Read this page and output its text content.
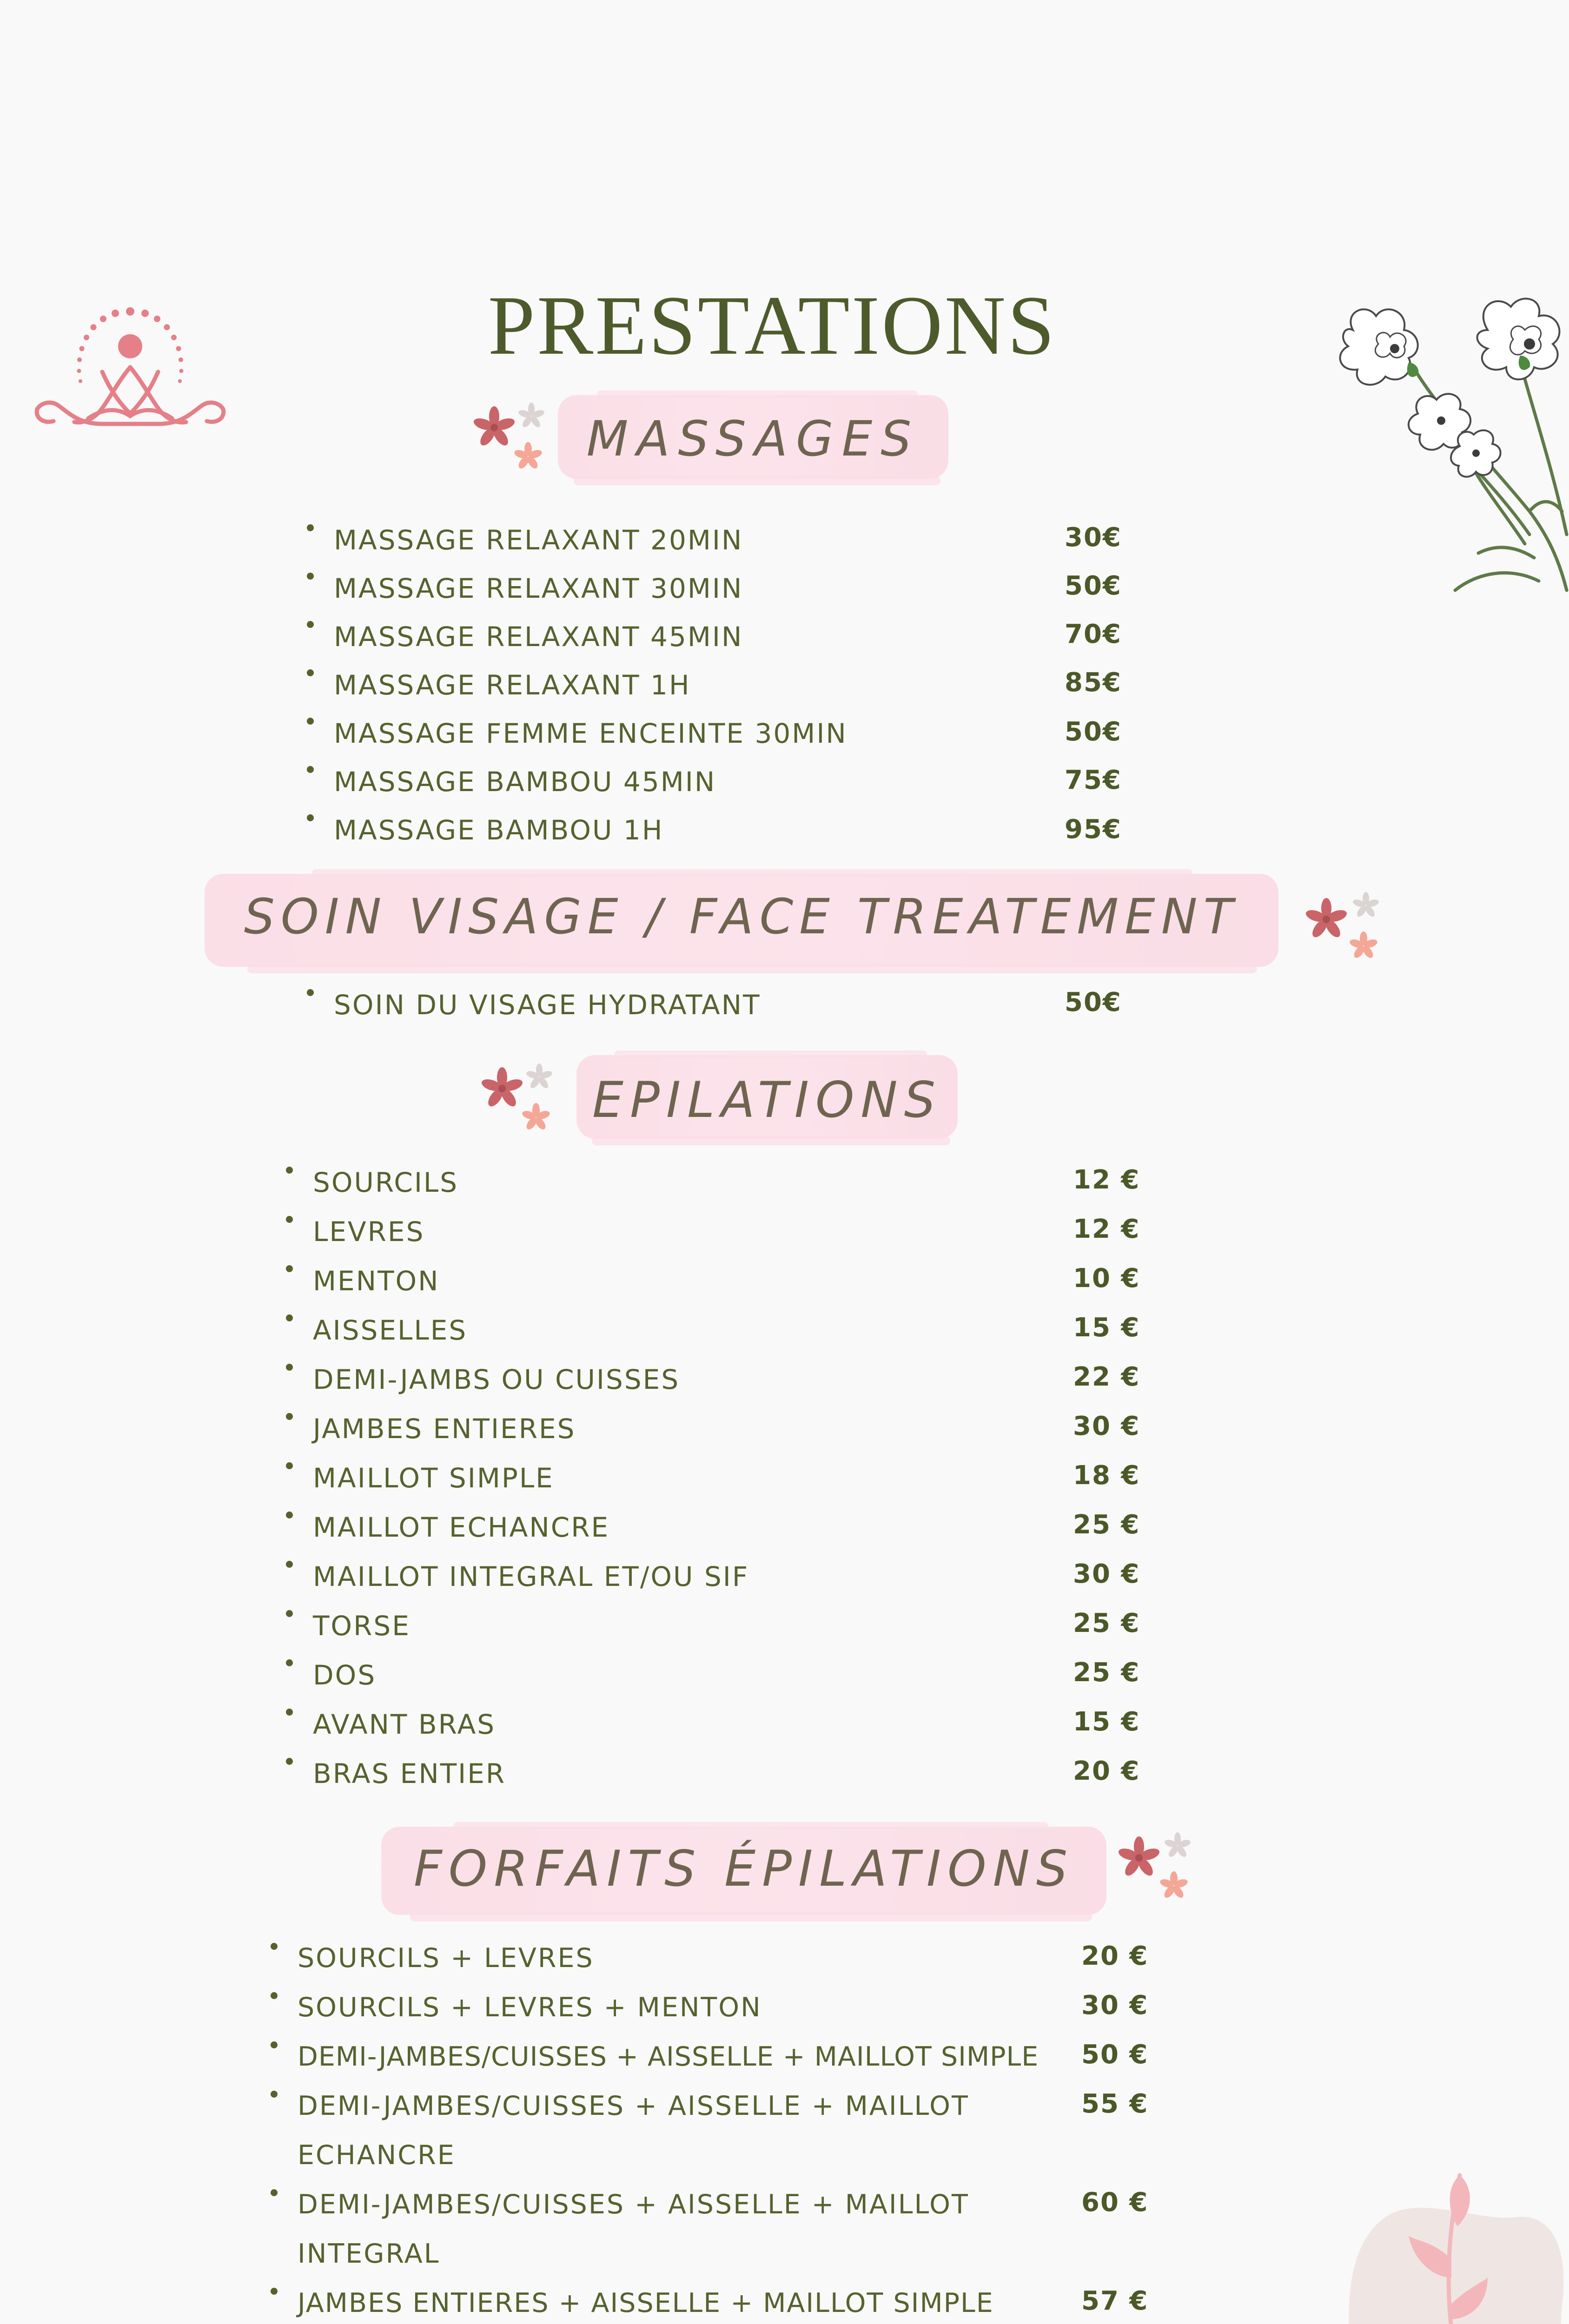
PRESTATIONS
MASSAGES
MASSAGE RELAXANT 20MIN
MASSAGE RELAXANT 30MIN
MASSAGE RELAXANT 45MIN
MASSAGE RELAXANT 1H
MASSAGE FEMME ENCEINTE 30MIN
MASSAGE BAMBOU 45MIN
MASSAGE BAMBOU 1H
30€
50€
70€
85€
50€
75€
95€
SOIN VISAGE / FACE TREATEMENT
SOIN DU VISAGE HYDRATANT	50€
EPILATIONS
SOURCILS
LEVRES
MENTON
AISSELLES
DEMI-JAMBS OU CUISSES
JAMBES ENTIERES
MAILLOT SIMPLE
MAILLOT ECHANCRE
MAILLOT INTEGRAL ET/OU SIF
TORSE
DOS
AVANT BRAS
BRAS ENTIER
12 €
12 €
10 €
15 €
22 €
30 €
18 €
25 €
30 €
25 €
25 €
15 €
20 €
FORFAITS ÉPILATIONS
SOURCILS + LEVRES
SOURCILS + LEVRES + MENTON
DEMI-JAMBES/CUISSES + AISSELLE + MAILLOT SIMPLE
DEMI-JAMBES/CUISSES + AISSELLE + MAILLOT
ECHANCRE
DEMI-JAMBES/CUISSES + AISSELLE + MAILLOT
INTEGRAL
JAMBES ENTIERES + AISSELLE + MAILLOT SIMPLE
20 €
30 €
50 €
55 €
60 €
57 €
